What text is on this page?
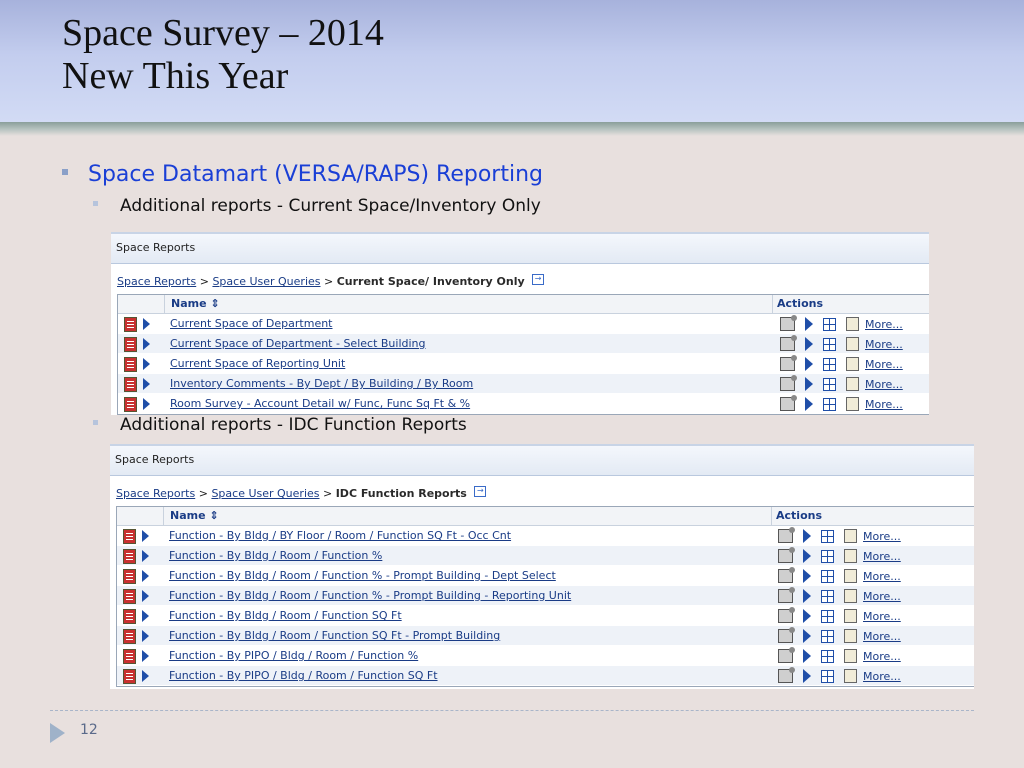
Space Survey – 2014
New This Year
Space Datamart (VERSA/RAPS) Reporting
Additional reports - Current Space/Inventory Only
Space Reports
Space Reports > Space User Queries > Current Space/ Inventory Only →
Name ⇕	Actions
Current Space of Department	More...
Current Space of Department - Select Building	More...
Current Space of Reporting Unit	More...
Inventory Comments - By Dept / By Building / By Room	More...
Room Survey - Account Detail w/ Func, Func Sq Ft & %	More...
Additional reports - IDC Function Reports
Space Reports
Space Reports > Space User Queries > IDC Function Reports →
Name ⇕	Actions
Function - By Bldg / BY Floor / Room / Function SQ Ft - Occ Cnt	More...
Function - By Bldg / Room / Function %	More...
Function - By Bldg / Room / Function % - Prompt Building - Dept Select	More...
Function - By Bldg / Room / Function % - Prompt Building - Reporting Unit	More...
Function - By Bldg / Room / Function SQ Ft	More...
Function - By Bldg / Room / Function SQ Ft - Prompt Building	More...
Function - By PIPO / Bldg / Room / Function %	More...
Function - By PIPO / Bldg / Room / Function SQ Ft	More...
12
